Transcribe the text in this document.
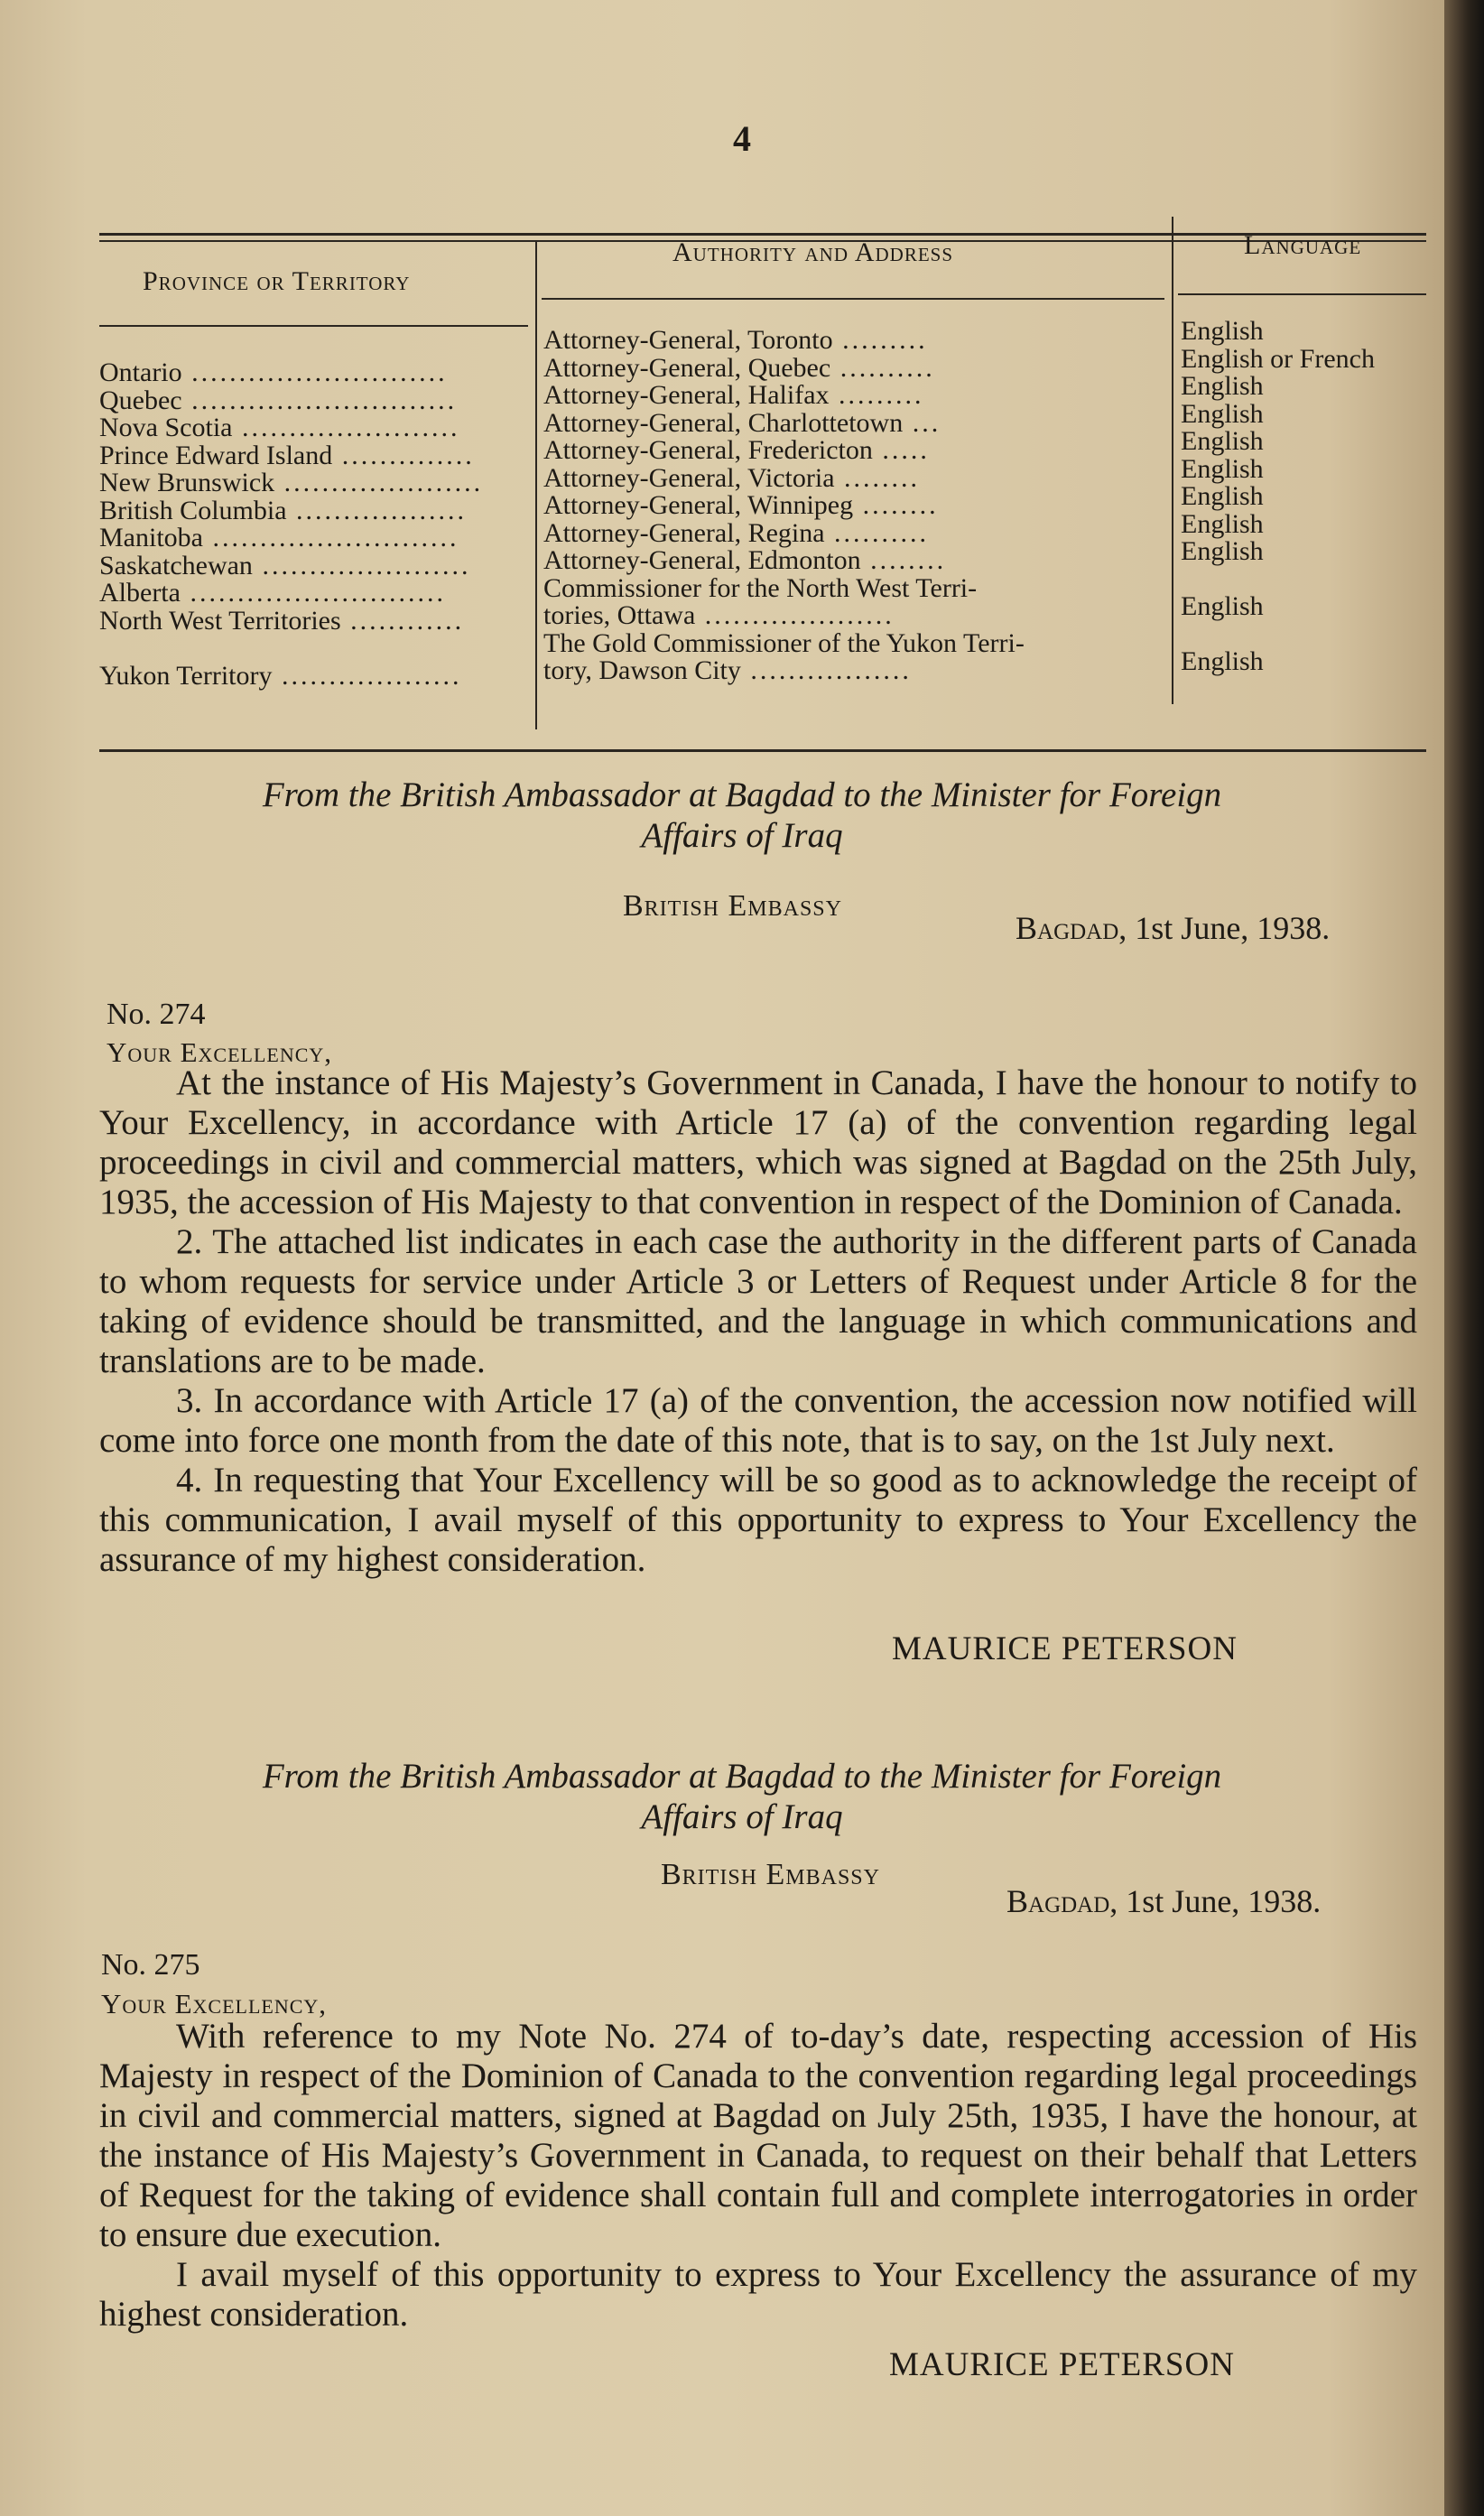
4
Province or Territory
Authority and Address	Language
Ontario ...........................
Quebec ............................
Nova Scotia .......................
Prince Edward Island ..............
New Brunswick .....................
British Columbia ..................
Manitoba ..........................
Saskatchewan ......................
Alberta ...........................
North West Territories ............

Yukon Territory ...................
Attorney-General, Toronto .........
Attorney-General, Quebec ..........
Attorney-General, Halifax .........
Attorney-General, Charlottetown ...
Attorney-General, Fredericton .....
Attorney-General, Victoria ........
Attorney-General, Winnipeg ........
Attorney-General, Regina ..........
Attorney-General, Edmonton ........
Commissioner for the North West Terri-
tories, Ottawa ....................
The Gold Commissioner of the Yukon Terri-
tory, Dawson City .................
English
English or French
English
English
English
English
English
English
English

English

English
From the British Ambassador at Bagdad to the Minister for Foreign
Affairs of Iraq
British Embassy
Bagdad, 1st June, 1938.
No. 274
Your Excellency,

At the instance of His Majesty’s Government in Canada, I have the honour to notify to Your Excellency, in accordance with Article 17 (a) of the convention regarding legal proceedings in civil and commercial matters, which was signed at Bagdad on the 25th July, 1935, the accession of His Majesty to that convention in respect of the Dominion of Canada.

2. The attached list indicates in each case the authority in the different parts of Canada to whom requests for service under Article 3 or Letters of Request under Article 8 for the taking of evidence should be transmitted, and the language in which communications and translations are to be made.

3. In accordance with Article 17 (a) of the convention, the accession now notified will come into force one month from the date of this note, that is to say, on the 1st July next.

4. In requesting that Your Excellency will be so good as to acknowledge the receipt of this communication, I avail myself of this opportunity to express to Your Excellency the assurance of my highest consideration.

MAURICE PETERSON
From the British Ambassador at Bagdad to the Minister for Foreign
Affairs of Iraq
British Embassy
Bagdad, 1st June, 1938.
No. 275
Your Excellency,

With reference to my Note No. 274 of to-day’s date, respecting accession of His Majesty in respect of the Dominion of Canada to the convention regarding legal proceedings in civil and commercial matters, signed at Bagdad on July 25th, 1935, I have the honour, at the instance of His Majesty’s Government in Canada, to request on their behalf that Letters of Request for the taking of evidence shall contain full and complete interrogatories in order to ensure due execution.

I avail myself of this opportunity to express to Your Excellency the assurance of my highest consideration.

MAURICE PETERSON
